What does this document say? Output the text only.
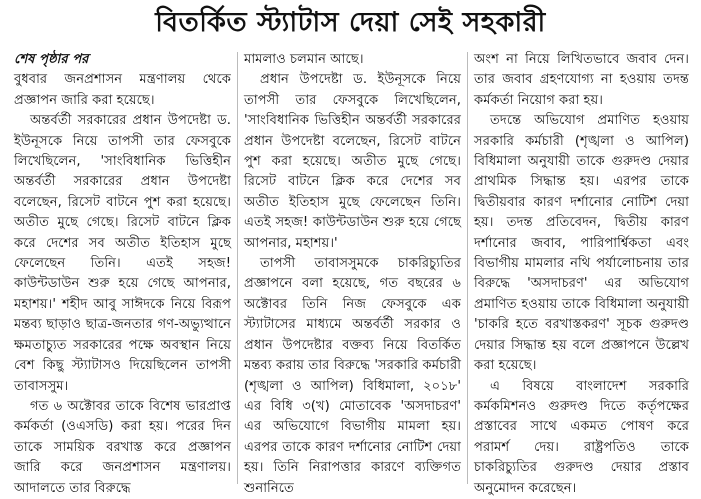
বিতর্কিত স্ট্যাটাস দেয়া সেই সহকারী
শেষ পৃষ্ঠার পর

বুধবার জনপ্রশাসন মন্ত্রণালয় থেকে প্রজ্ঞাপন জারি করা হয়েছে।

অন্তর্বর্তী সরকারের প্রধান উপদেষ্টা ড. ইউনূসকে নিয়ে তাপসী তার ফেসবুকে লিখেছিলেন, 'সাংবিধানিক ভিত্তিহীন অন্তর্বর্তী সরকারের প্রধান উপদেষ্টা বলেছেন, রিসেট বাটনে পুশ করা হয়েছে। অতীত মুছে গেছে। রিসেট বাটনে ক্লিক করে দেশের সব অতীত ইতিহাস মুছে ফেলেছেন তিনি। এতই সহজ! কাউন্টডাউন শুরু হয়ে গেছে আপনার, মহাশয়।' শহীদ আবু সাঈদকে নিয়ে বিরূপ মন্তব্য ছাড়াও ছাত্র-জনতার গণ-অভ্যুত্থানে ক্ষমতাচ্যুত সরকারের পক্ষে অবস্থান নিয়ে বেশ কিছু স্ট্যাটাসও দিয়েছিলেন তাপসী তাবাসসুম।

গত ৬ অক্টোবর তাকে বিশেষ ভারপ্রাপ্ত কর্মকর্তা (ওএসডি) করা হয়। পরের দিন তাকে সাময়িক বরখাস্ত করে প্রজ্ঞাপন জারি করে জনপ্রশাসন মন্ত্রণালয়। আদালতে তার বিরুদ্ধে

মামলাও চলমান আছে।

প্রধান উপদেষ্টা ড. ইউনূসকে নিয়ে তাপসী তার ফেসবুকে লিখেছিলেন, 'সাংবিধানিক ভিত্তিহীন অন্তর্বর্তী সরকারের প্রধান উপদেষ্টা বলেছেন, রিসেট বাটনে পুশ করা হয়েছে। অতীত মুছে গেছে। রিসেট বাটনে ক্লিক করে দেশের সব অতীত ইতিহাস মুছে ফেলেছেন তিনি। এতই সহজ! কাউন্টডাউন শুরু হয়ে গেছে আপনার, মহাশয়।'

তাপসী তাবাসসুমকে চাকরিচ্যুতির প্রজ্ঞাপনে বলা হয়েছে, গত বছরের ৬ অক্টোবর তিনি নিজ ফেসবুকে এক স্ট্যাটাসের মাধ্যমে অন্তর্বর্তী সরকার ও প্রধান উপদেষ্টার বক্তব্য নিয়ে বিতর্কিত মন্তব্য করায় তার বিরুদ্ধে 'সরকারি কর্মচারী (শৃঙ্খলা ও আপিল) বিধিমালা, ২০১৮' এর বিধি ৩(খ) মোতাবেক 'অসদাচরণ' এর অভিযোগে বিভাগীয় মামলা হয়। এরপর তাকে কারণ দর্শানোর নোটিশ দেয়া হয়। তিনি নিরাপত্তার কারণে ব্যক্তিগত শুনানিতে

অংশ না নিয়ে লিখিতভাবে জবাব দেন। তার জবাব গ্রহণযোগ্য না হওয়ায় তদন্ত কর্মকর্তা নিয়োগ করা হয়।

তদন্তে অভিযোগ প্রমাণিত হওয়ায় সরকারি কর্মচারী (শৃঙ্খলা ও আপিল) বিধিমালা অনুযায়ী তাকে গুরুদণ্ড দেয়ার প্রাথমিক সিদ্ধান্ত হয়। এরপর তাকে দ্বিতীয়বার কারণ দর্শানোর নোটিশ দেয়া হয়। তদন্ত প্রতিবেদন, দ্বিতীয় কারণ দর্শানোর জবাব, পারিপার্শ্বিকতা এবং বিভাগীয় মামলার নথি পর্যালোচনায় তার বিরুদ্ধে 'অসদাচরণ' এর অভিযোগ প্রমাণিত হওয়ায় তাকে বিধিমালা অনুযায়ী 'চাকরি হতে বরখাস্তকরণ' সূচক গুরুদণ্ড দেয়ার সিদ্ধান্ত হয় বলে প্রজ্ঞাপনে উল্লেখ করা হয়েছে।

এ বিষয়ে বাংলাদেশ সরকারি কর্মকমিশনও গুরুদণ্ড দিতে কর্তৃপক্ষের প্রস্তাবের সাথে একমত পোষণ করে পরামর্শ দেয়। রাষ্ট্রপতিও তাকে চাকরিচ্যুতির গুরুদণ্ড দেয়ার প্রস্তাব অনুমোদন করেছেন।
